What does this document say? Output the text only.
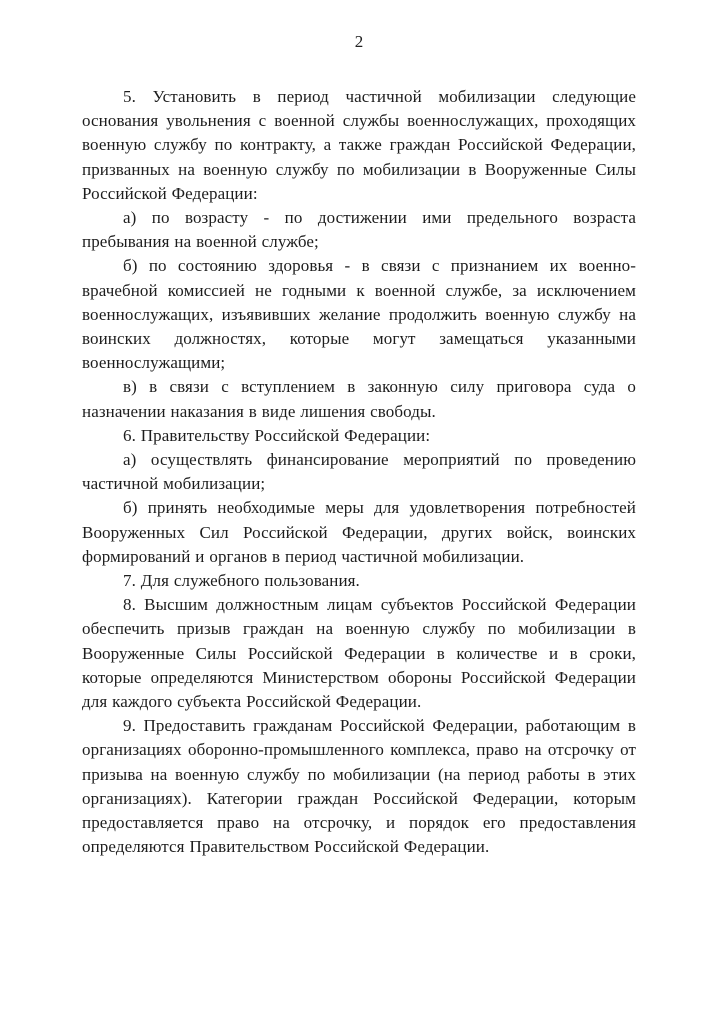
2

5. Установить в период частичной мобилизации следующие основания увольнения с военной службы военнослужащих, проходящих военную службу по контракту, а также граждан Российской Федерации, призванных на военную службу по мобилизации в Вооруженные Силы Российской Федерации:

а) по возрасту - по достижении ими предельного возраста пребывания на военной службе;

б) по состоянию здоровья - в связи с признанием их военно-врачебной комиссией не годными к военной службе, за исключением военнослужащих, изъявивших желание продолжить военную службу на воинских должностях, которые могут замещаться указанными военнослужащими;

в) в связи с вступлением в законную силу приговора суда о назначении наказания в виде лишения свободы.

6. Правительству Российской Федерации:

а) осуществлять финансирование мероприятий по проведению частичной мобилизации;

б) принять необходимые меры для удовлетворения потребностей Вооруженных Сил Российской Федерации, других войск, воинских формирований и органов в период частичной мобилизации.

7. Для служебного пользования.

8. Высшим должностным лицам субъектов Российской Федерации обеспечить призыв граждан на военную службу по мобилизации в Вооруженные Силы Российской Федерации в количестве и в сроки, которые определяются Министерством обороны Российской Федерации для каждого субъекта Российской Федерации.

9. Предоставить гражданам Российской Федерации, работающим в организациях оборонно-промышленного комплекса, право на отсрочку от призыва на военную службу по мобилизации (на период работы в этих организациях). Категории граждан Российской Федерации, которым предоставляется право на отсрочку, и порядок его предоставления определяются Правительством Российской Федерации.
